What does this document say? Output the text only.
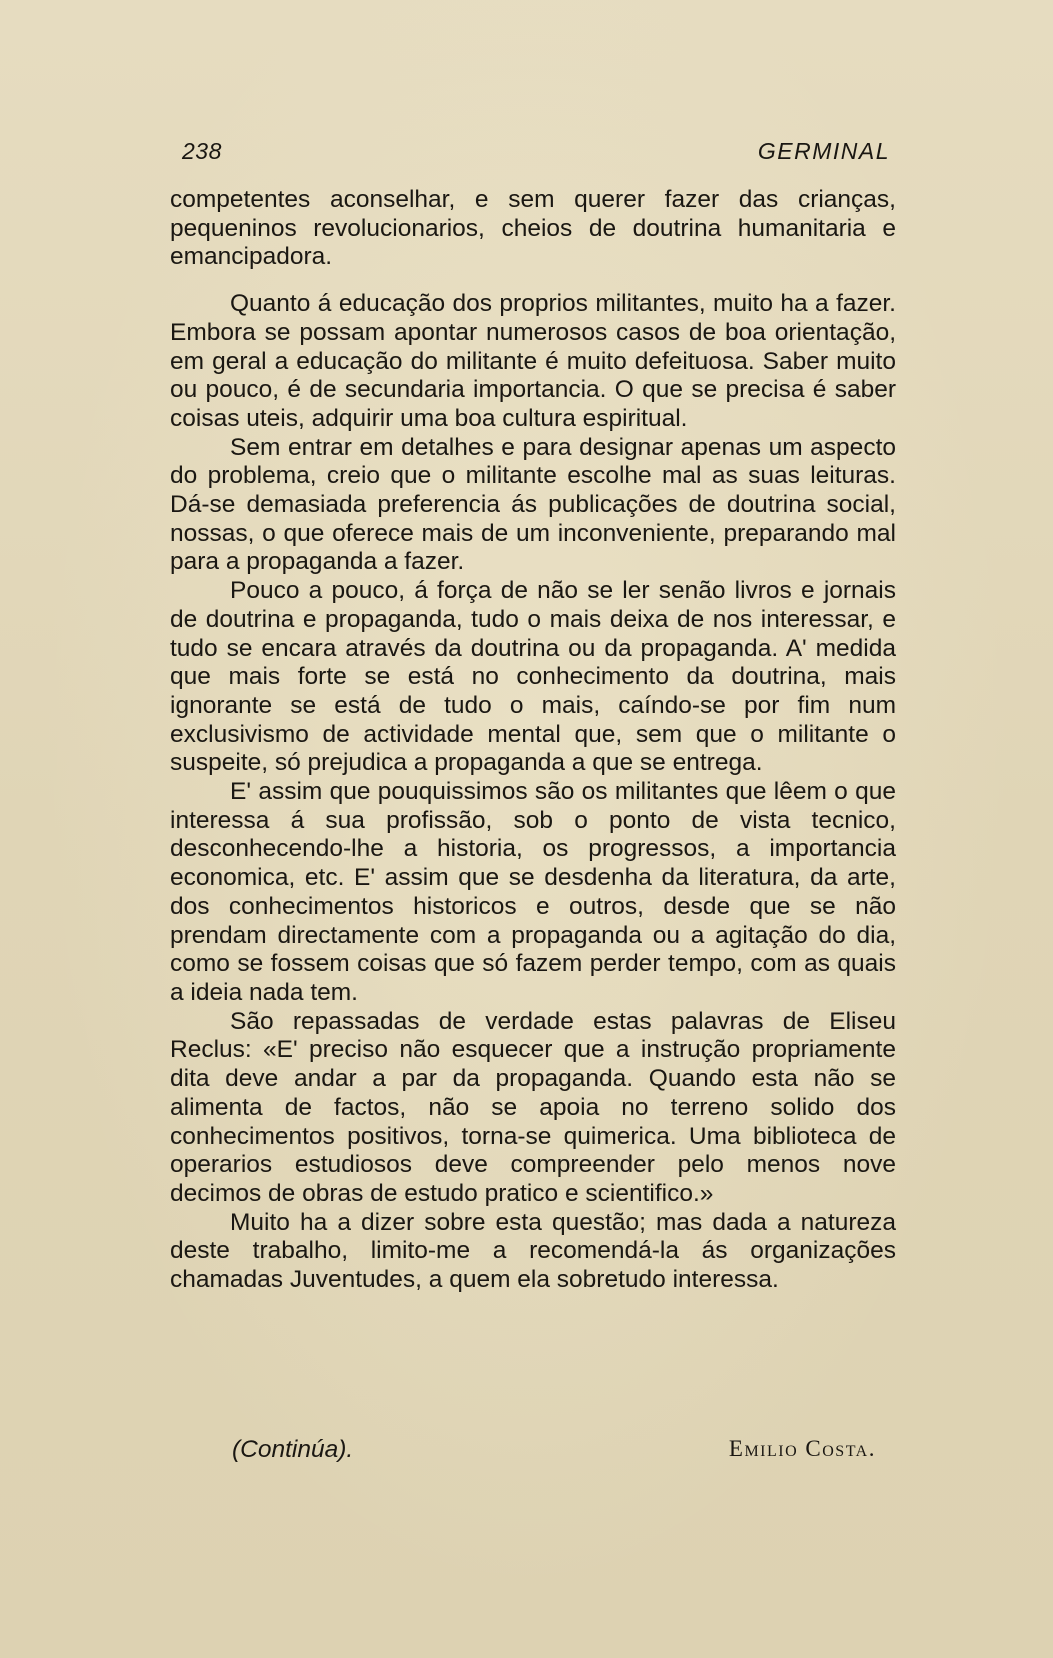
238	GERMINAL

competentes aconselhar, e sem querer fazer das crianças, pequeninos revolucionarios, cheios de doutrina humanitaria e emancipadora.

Quanto á educação dos proprios militantes, muito ha a fazer. Embora se possam apontar numerosos casos de boa orientação, em geral a educação do militante é muito defeituosa. Saber muito ou pouco, é de secundaria importancia. O que se precisa é saber coisas uteis, adquirir uma boa cultura espiritual.

Sem entrar em detalhes e para designar apenas um aspecto do problema, creio que o militante escolhe mal as suas leituras. Dá-se demasiada preferencia ás publicações de doutrina social, nossas, o que oferece mais de um inconveniente, preparando mal para a propaganda a fazer.

Pouco a pouco, á força de não se ler senão livros e jornais de doutrina e propaganda, tudo o mais deixa de nos interessar, e tudo se encara através da doutrina ou da propaganda. A' medida que mais forte se está no conhecimento da doutrina, mais ignorante se está de tudo o mais, caíndo-se por fim num exclusivismo de actividade mental que, sem que o militante o suspeite, só prejudica a propaganda a que se entrega.

E' assim que pouquissimos são os militantes que lêem o que interessa á sua profissão, sob o ponto de vista tecnico, desconhecendo-lhe a historia, os progressos, a importancia economica, etc. E' assim que se desdenha da literatura, da arte, dos conhecimentos historicos e outros, desde que se não prendam directamente com a propaganda ou a agitação do dia, como se fossem coisas que só fazem perder tempo, com as quais a ideia nada tem.

São repassadas de verdade estas palavras de Eliseu Reclus: «E' preciso não esquecer que a instrução propriamente dita deve andar a par da propaganda. Quando esta não se alimenta de factos, não se apoia no terreno solido dos conhecimentos positivos, torna-se quimerica. Uma biblioteca de operarios estudiosos deve compreender pelo menos nove decimos de obras de estudo pratico e scientifico.»

Muito ha a dizer sobre esta questão; mas dada a natureza deste trabalho, limito-me a recomendá-la ás organizações chamadas Juventudes, a quem ela sobretudo interessa.

(Continúa).	Emilio Costa.
